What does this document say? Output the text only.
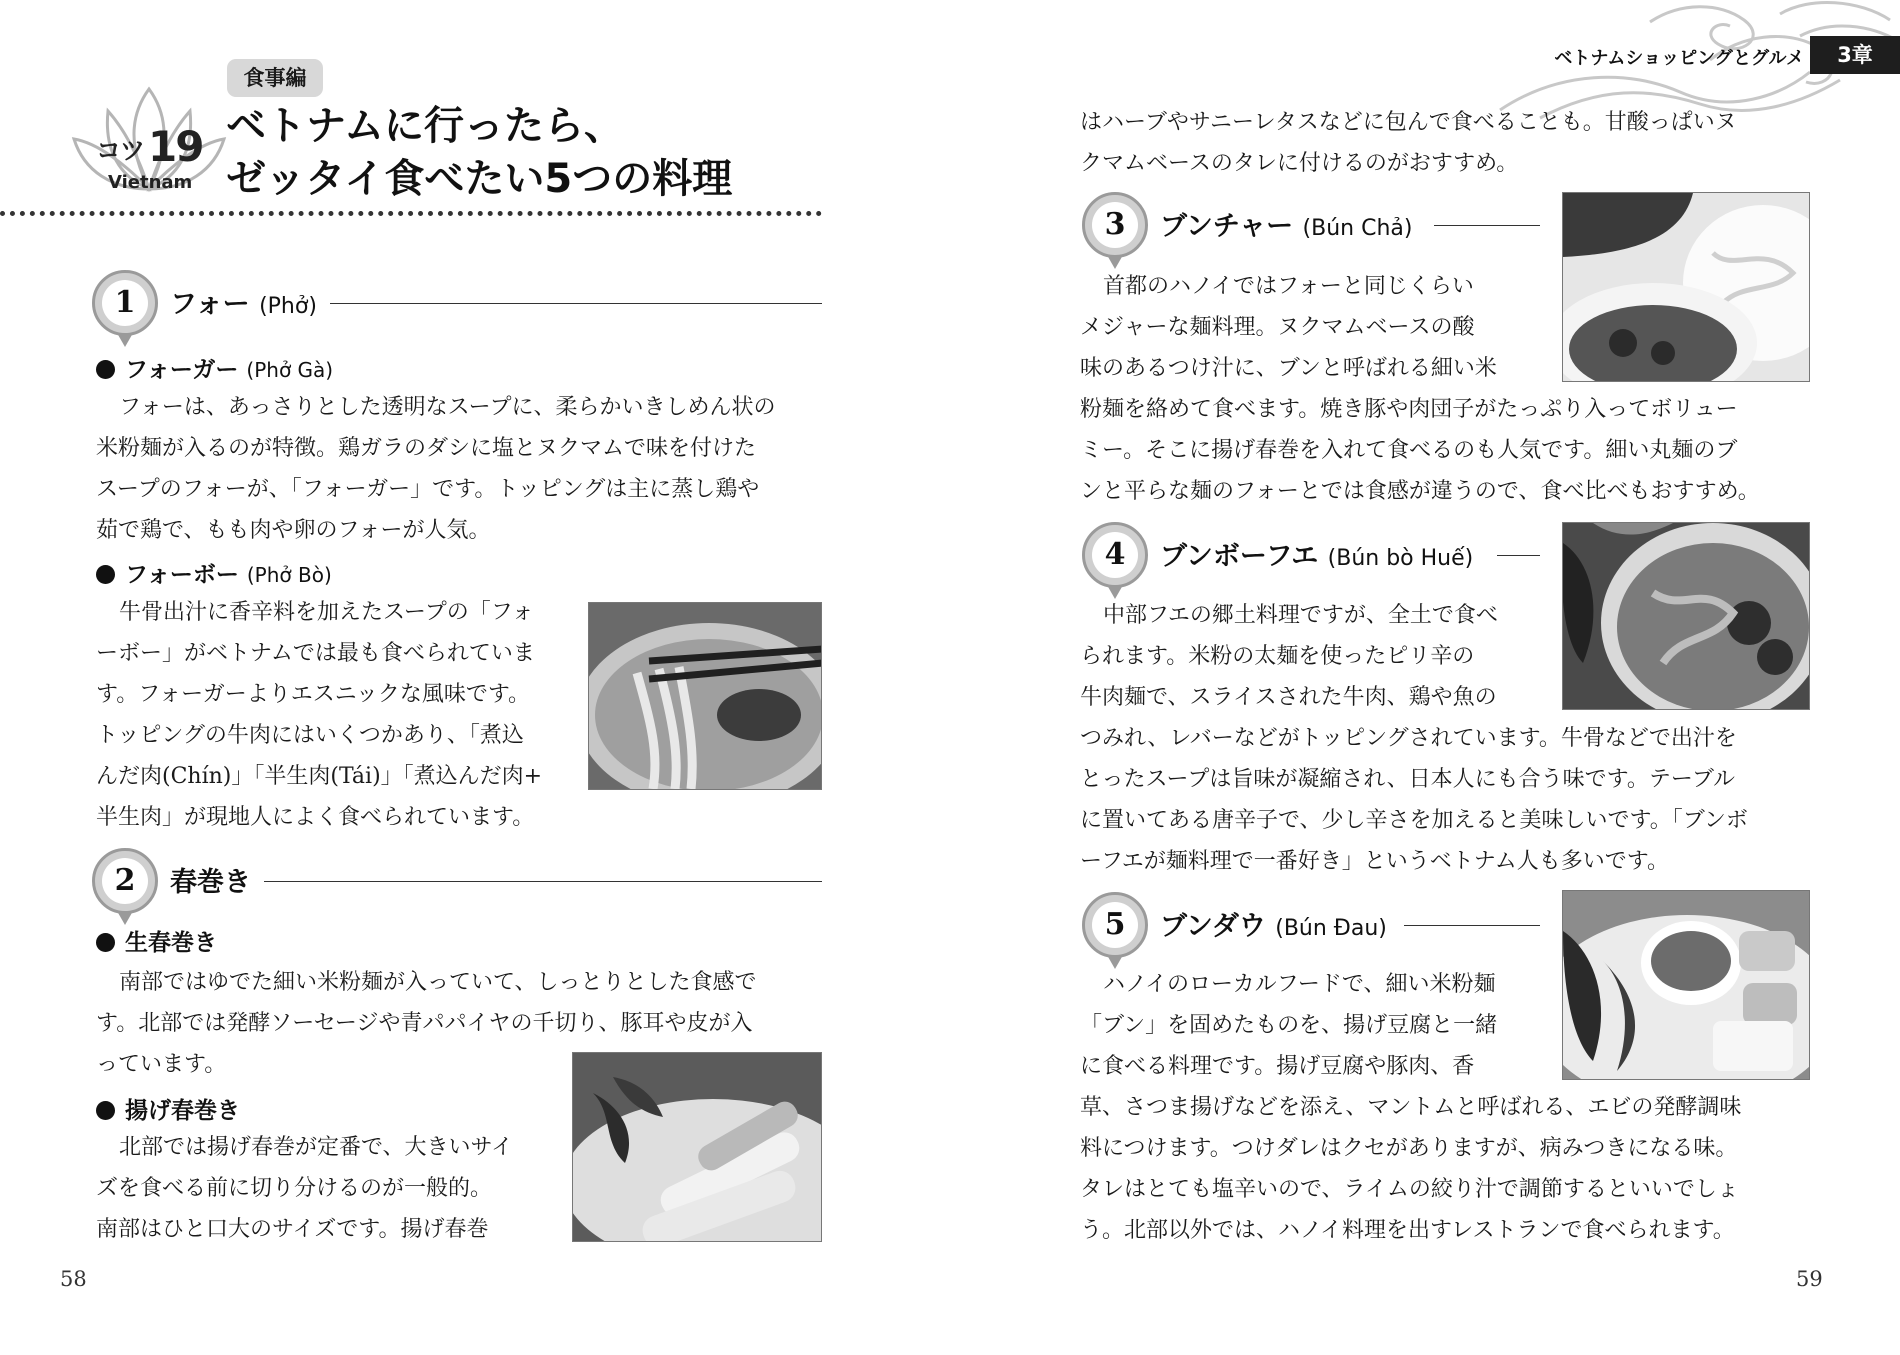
食事編
コツ 19
Vietnam
ベトナムに行ったら、
ゼッタイ食べたい5つの料理
1	フォー (Phở)
フォーガー (Phở Gà)
フォーは、あっさりとした透明なスープに、柔らかいきしめん状の
米粉麺が入るのが特徴。鶏ガラのダシに塩とヌクマムで味を付けた
スープのフォーが、「フォーガー」です。トッピングは主に蒸し鶏や
茹で鶏で、もも肉や卵のフォーが人気。
フォーボー (Phở Bò)
牛骨出汁に香辛料を加えたスープの「フォ
ーボー」がベトナムでは最も食べられていま
す。フォーガーよりエスニックな風味です。
トッピングの牛肉にはいくつかあり、「煮込
んだ肉(Chín)」「半生肉(Tái)」「煮込んだ肉+
半生肉」が現地人によく食べられています。
2	春巻き
生春巻き
南部ではゆでた細い米粉麺が入っていて、しっとりとした食感で
す。北部では発酵ソーセージや青パパイヤの千切り、豚耳や皮が入
っています。
揚げ春巻き
北部では揚げ春巻が定番で、大きいサイ
ズを食べる前に切り分けるのが一般的。
南部はひと口大のサイズです。揚げ春巻
58
ベトナムショッピングとグルメ	3章
はハーブやサニーレタスなどに包んで食べることも。甘酸っぱいヌ
クマムベースのタレに付けるのがおすすめ。
3	ブンチャー (Bún Chả)
首都のハノイではフォーと同じくらい
メジャーな麺料理。ヌクマムベースの酸
味のあるつけ汁に、ブンと呼ばれる細い米
粉麺を絡めて食べます。焼き豚や肉団子がたっぷり入ってボリュー
ミー。そこに揚げ春巻を入れて食べるのも人気です。細い丸麺のブ
ンと平らな麺のフォーとでは食感が違うので、食べ比べもおすすめ。
4	ブンボーフエ (Bún bò Huế)
中部フエの郷土料理ですが、全土で食べ
られます。米粉の太麺を使ったピリ辛の
牛肉麺で、スライスされた牛肉、鶏や魚の
つみれ、レバーなどがトッピングされています。牛骨などで出汁を
とったスープは旨味が凝縮され、日本人にも合う味です。テーブル
に置いてある唐辛子で、少し辛さを加えると美味しいです。「ブンボ
ーフエが麺料理で一番好き」というベトナム人も多いです。
5	ブンダウ (Bún Đau)
ハノイのローカルフードで、細い米粉麺
「ブン」を固めたものを、揚げ豆腐と一緒
に食べる料理です。揚げ豆腐や豚肉、香
草、さつま揚げなどを添え、マントムと呼ばれる、エビの発酵調味
料につけます。つけダレはクセがありますが、病みつきになる味。
タレはとても塩辛いので、ライムの絞り汁で調節するといいでしょ
う。北部以外では、ハノイ料理を出すレストランで食べられます。
59
